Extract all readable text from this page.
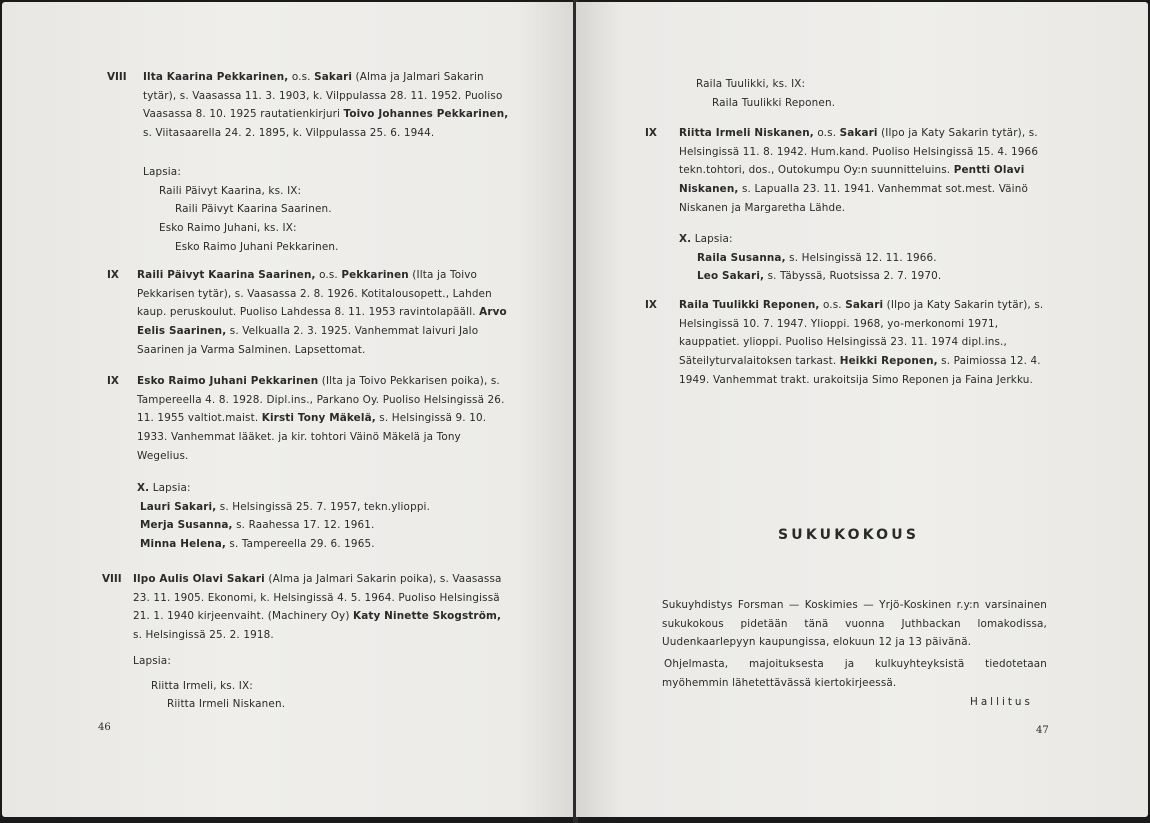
VIII Ilta Kaarina Pekkarinen, o.s. Sakari (Alma ja Jalmari Sakarin tytär), s. Vaasassa 11. 3. 1903, k. Vilppulassa 28. 11. 1952. Puoliso Vaasassa 8. 10. 1925 rautatienkirjuri Toivo Johannes Pekkarinen, s. Viitasaarella 24. 2. 1895, k. Vilppulassa 25. 6. 1944.
Lapsia:
Raili Päivyt Kaarina, ks. IX:
Raili Päivyt Kaarina Saarinen.
Esko Raimo Juhani, ks. IX:
Esko Raimo Juhani Pekkarinen.
IX Raili Päivyt Kaarina Saarinen, o.s. Pekkarinen (Ilta ja Toivo Pekkarisen tytär), s. Vaasassa 2. 8. 1926. Kotitalousopett., Lahden kaup. peruskoulut. Puoliso Lahdessa 8. 11. 1953 ravintolapääll. Arvo Eelis Saarinen, s. Velkualla 2. 3. 1925. Vanhemmat laivuri Jalo Saarinen ja Varma Salminen. Lapsettomat.
IX Esko Raimo Juhani Pekkarinen (Ilta ja Toivo Pekkarisen poika), s. Tampereella 4. 8. 1928. Dipl.ins., Parkano Oy. Puoliso Helsingissä 26. 11. 1955 valtiot.maist. Kirsti Tony Mäkelä, s. Helsingissä 9. 10. 1933. Vanhemmat lääket. ja kir. tohtori Väinö Mäkelä ja Tony Wegelius.
X. Lapsia:
Lauri Sakari, s. Helsingissä 25. 7. 1957, tekn.ylioppi.
Merja Susanna, s. Raahessa 17. 12. 1961.
Minna Helena, s. Tampereella 29. 6. 1965.
VIII Ilpo Aulis Olavi Sakari (Alma ja Jalmari Sakarin poika), s. Vaasassa 23. 11. 1905. Ekonomi, k. Helsingissä 4. 5. 1964. Puoliso Helsingissä 21. 1. 1940 kirjeenvaiht. (Machinery Oy) Katy Ninette Skogström, s. Helsingissä 25. 2. 1918.
Lapsia:
Riitta Irmeli, ks. IX:
Riitta Irmeli Niskanen.
46
Raila Tuulikki, ks. IX:
Raila Tuulikki Reponen.
IX Riitta Irmeli Niskanen, o.s. Sakari (Ilpo ja Katy Sakarin tytär), s. Helsingissä 11. 8. 1942. Hum.kand. Puoliso Helsingissä 15. 4. 1966 tekn.tohtori, dos., Outokumpu Oy:n suunnitteluins. Pentti Olavi Niskanen, s. Lapualla 23. 11. 1941. Vanhemmat sot.mest. Väinö Niskanen ja Margaretha Lähde.
X. Lapsia:
Raila Susanna, s. Helsingissä 12. 11. 1966.
Leo Sakari, s. Täbyssä, Ruotsissa 2. 7. 1970.
IX Raila Tuulikki Reponen, o.s. Sakari (Ilpo ja Katy Sakarin tytär), s. Helsingissä 10. 7. 1947. Ylioppi. 1968, yo-merkonomi 1971, kauppatiet. ylioppi. Puoliso Helsingissä 23. 11. 1974 dipl.ins., Säteilyturvalaitoksen tarkast. Heikki Reponen, s. Paimiossa 12. 4. 1949. Vanhemmat trakt. urakoitsija Simo Reponen ja Faina Jerkku.
SUKUKOKOUS
Sukuyhdistys Forsman — Koskimies — Yrjö-Koskinen r.y:n varsinainen sukukokous pidetään tänä vuonna Juthbackan lomakodissa, Uudenkaarlepyyn kaupungissa, elokuun 12 ja 13 päivänä.
Ohjelmasta, majoituksesta ja kulkuyhteyksistä tiedotetaan myöhemmin lähetettävässä kiertokirjeessä.
Hallitus
47
